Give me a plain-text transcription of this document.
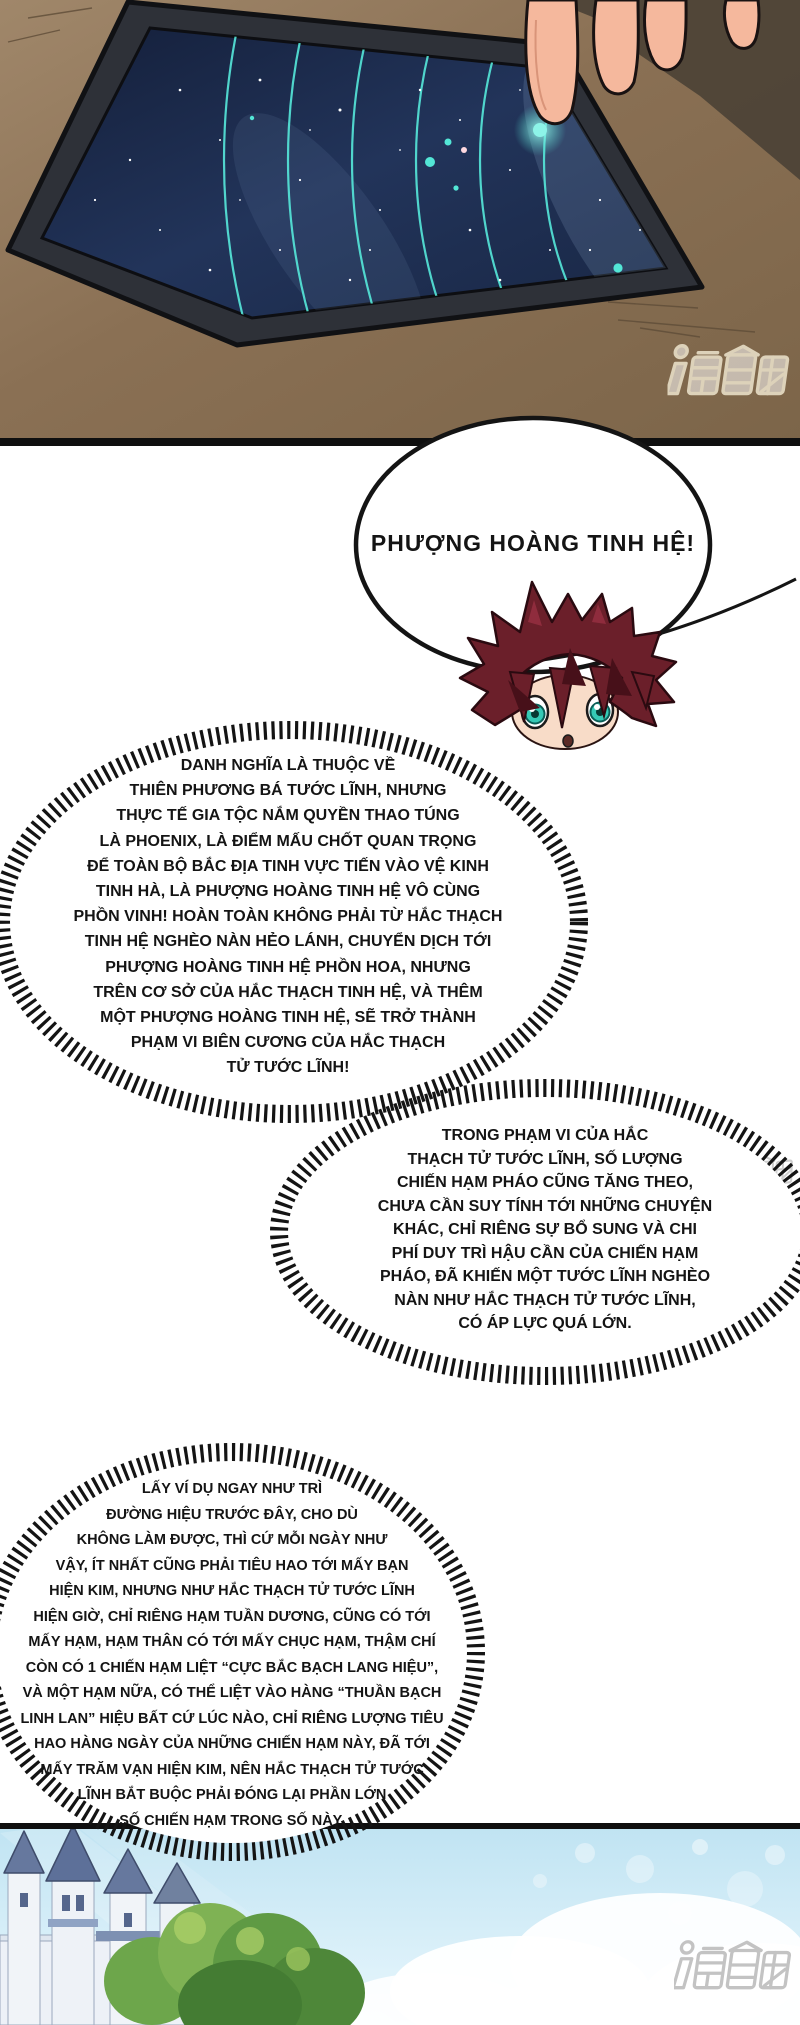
PHƯỢNG HOÀNG TINH HỆ!
DANH NGHĨA LÀ THUỘC VỀ
THIÊN PHƯƠNG BÁ TƯỚC LĨNH, NHƯNG
THỰC TẾ GIA TỘC NẮM QUYỀN THAO TÚNG
LÀ PHOENIX, LÀ ĐIỂM MẤU CHỐT QUAN TRỌNG
ĐỂ TOÀN BỘ BẮC ĐỊA TINH VỰC TIẾN VÀO VỆ KINH
TINH HÀ, LÀ PHƯỢNG HOÀNG TINH HỆ VÔ CÙNG
PHỒN VINH! HOÀN TOÀN KHÔNG PHẢI TỪ HẮC THẠCH
TINH HỆ NGHÈO NÀN HẺO LÁNH, CHUYỂN DỊCH TỚI
PHƯỢNG HOÀNG TINH HỆ PHỒN HOA, NHƯNG
TRÊN CƠ SỞ CỦA HẮC THẠCH TINH HỆ, VÀ THÊM
MỘT PHƯỢNG HOÀNG TINH HỆ, SẼ TRỞ THÀNH
PHẠM VI BIÊN CƯƠNG CỦA HẮC THẠCH
TỬ TƯỚC LĨNH!
TRONG PHẠM VI CỦA HẮC
THẠCH TỬ TƯỚC LĨNH, SỐ LƯỢNG
CHIẾN HẠM PHÁO CŨNG TĂNG THEO,
CHƯA CẦN SUY TÍNH TỚI NHỮNG CHUYỆN
KHÁC, CHỈ RIÊNG SỰ BỔ SUNG VÀ CHI
PHÍ DUY TRÌ HẬU CẦN CỦA CHIẾN HẠM
PHÁO, ĐÃ KHIẾN MỘT TƯỚC LĨNH NGHÈO
NÀN NHƯ HẮC THẠCH TỬ TƯỚC LĨNH,
CÓ ÁP LỰC QUÁ LỚN.
LẤY VÍ DỤ NGAY NHƯ TRÌ
ĐƯỜNG HIỆU TRƯỚC ĐÂY, CHO DÙ
KHÔNG LÀM ĐƯỢC, THÌ CỨ MỖI NGÀY NHƯ
VẬY, ÍT NHẤT CŨNG PHẢI TIÊU HAO TỚI MẤY BẠN
HIỆN KIM, NHƯNG NHƯ HẮC THẠCH TỬ TƯỚC LĨNH
HIỆN GIỜ, CHỈ RIÊNG HẠM TUẦN DƯƠNG, CŨNG CÓ TỚI
MẤY HẠM, HẠM THÂN CÓ TỚI MẤY CHỤC HẠM, THẬM CHÍ
CÒN CÓ 1 CHIẾN HẠM LIỆT “CỰC BẮC BẠCH LANG HIỆU”,
VÀ MỘT HẠM NỮA, CÓ THỂ LIỆT VÀO HÀNG “THUẦN BẠCH
LINH LAN” HIỆU BẤT CỨ LÚC NÀO, CHỈ RIÊNG LƯỢNG TIÊU
HAO HÀNG NGÀY CỦA NHỮNG CHIẾN HẠM NÀY, ĐÃ TỚI
MẤY TRĂM VẠN HIỆN KIM, NÊN HẮC THẠCH TỬ TƯỚC
LĨNH BẮT BUỘC PHẢI ĐÓNG LẠI PHẦN LỚN
SỐ CHIẾN HẠM TRONG SỐ NÀY.
